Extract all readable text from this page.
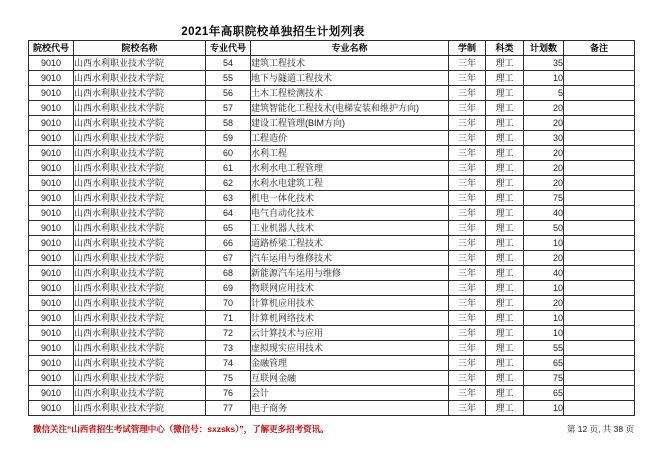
2021年高职院校单独招生计划列表
院校代号	院校名称	专业代号	专业名称	学制	科类	计划数	备注
9010	山西水利职业技术学院	54	建筑工程技术	三年	理工	35	
9010	山西水利职业技术学院	55	地下与隧道工程技术	三年	理工	10	
9010	山西水利职业技术学院	56	土木工程检测技术	三年	理工	5	
9010	山西水利职业技术学院	57	建筑智能化工程技术(电梯安装和维护方向)	三年	理工	20	
9010	山西水利职业技术学院	58	建设工程管理(BIM方向)	三年	理工	20	
9010	山西水利职业技术学院	59	工程造价	三年	理工	30	
9010	山西水利职业技术学院	60	水利工程	三年	理工	20	
9010	山西水利职业技术学院	61	水利水电工程管理	三年	理工	20	
9010	山西水利职业技术学院	62	水利水电建筑工程	三年	理工	20	
9010	山西水利职业技术学院	63	机电一体化技术	三年	理工	75	
9010	山西水利职业技术学院	64	电气自动化技术	三年	理工	40	
9010	山西水利职业技术学院	65	工业机器人技术	三年	理工	50	
9010	山西水利职业技术学院	66	道路桥梁工程技术	三年	理工	10	
9010	山西水利职业技术学院	67	汽车运用与维修技术	三年	理工	20	
9010	山西水利职业技术学院	68	新能源汽车运用与维修	三年	理工	40	
9010	山西水利职业技术学院	69	物联网应用技术	三年	理工	10	
9010	山西水利职业技术学院	70	计算机应用技术	三年	理工	20	
9010	山西水利职业技术学院	71	计算机网络技术	三年	理工	10	
9010	山西水利职业技术学院	72	云计算技术与应用	三年	理工	10	
9010	山西水利职业技术学院	73	虚拟现实应用技术	三年	理工	55	
9010	山西水利职业技术学院	74	金融管理	三年	理工	65	
9010	山西水利职业技术学院	75	互联网金融	三年	理工	75	
9010	山西水利职业技术学院	76	会计	三年	理工	65	
9010	山西水利职业技术学院	77	电子商务	三年	理工	10	
微信关注“山西省招生考试管理中心（微信号：sxzsks）”，了解更多招考资讯。	第 12 页, 共 38 页
